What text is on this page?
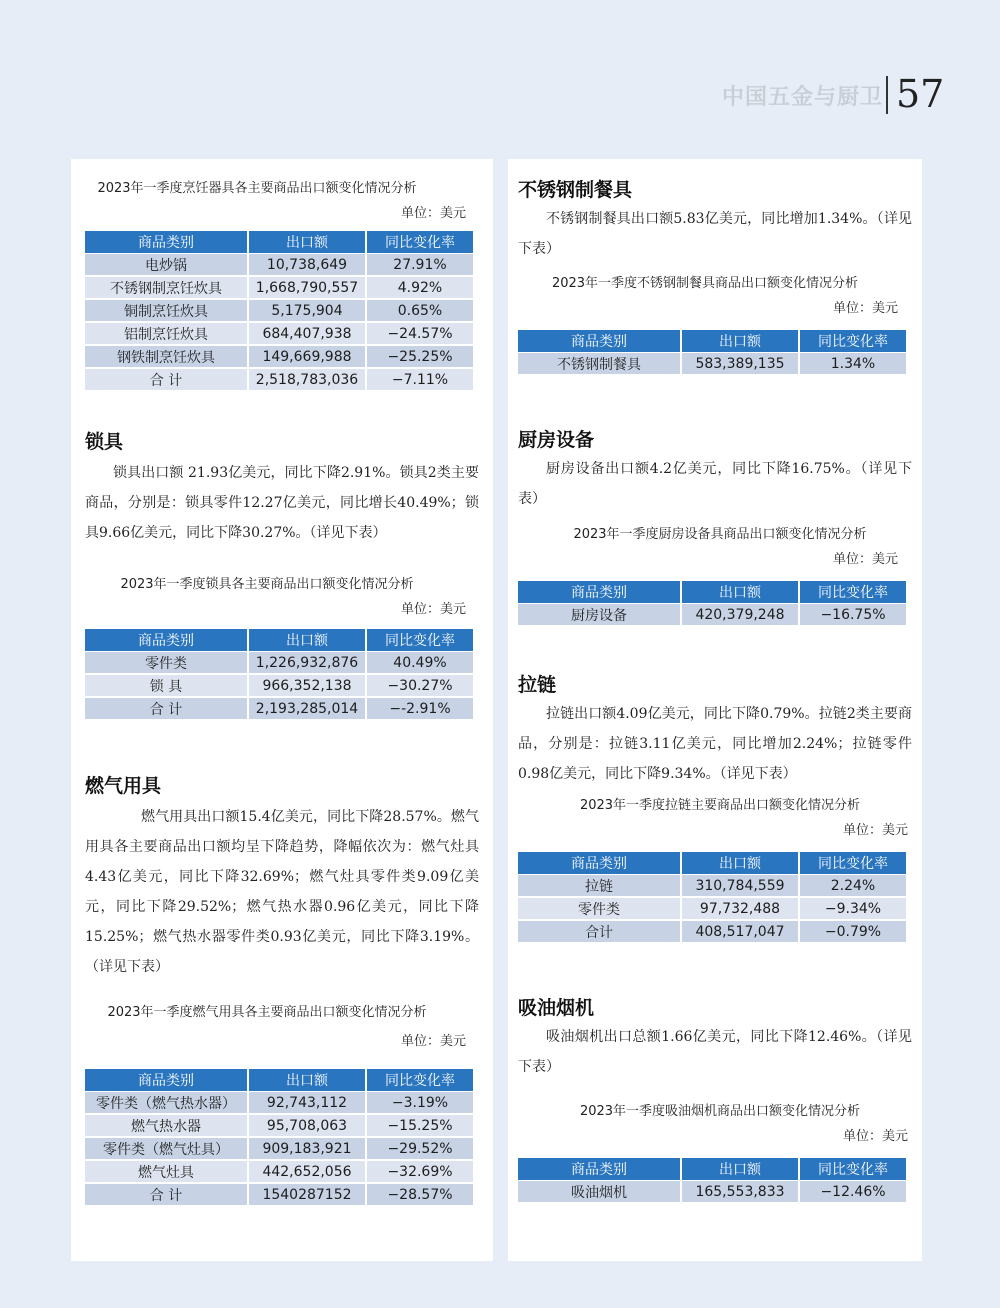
中国五金与厨卫 57

2023年一季度烹饪器具各主要商品出口额变化情况分析

单位：美元

商品类别	出口额	同比变化率
电炒锅	10,738,649	27.91%
不锈钢制烹饪炊具	1,668,790,557	4.92%
铜制烹饪炊具	5,175,904	0.65%
铝制烹饪炊具	684,407,938	−24.57%
钢铁制烹饪炊具	149,669,988	−25.25%
合 计	2,518,783,036	−7.11%
锁具

锁具出口额 21.93亿美元，同比下降2.91%。锁具2类主要商品，分别是：锁具零件12.27亿美元，同比增长40.49%；锁具9.66亿美元，同比下降30.27%。（详见下表）

2023年一季度锁具各主要商品出口额变化情况分析

单位：美元

商品类别	出口额	同比变化率
零件类	1,226,932,876	40.49%
锁 具	966,352,138	−30.27%
合 计	2,193,285,014	−-2.91%
燃气用具

燃气用具出口额15.4亿美元，同比下降28.57%。燃气用具各主要商品出口额均呈下降趋势，降幅依次为：燃气灶具4.43亿美元，同比下降32.69%；燃气灶具零件类9.09亿美元，同比下降29.52%；燃气热水器0.96亿美元，同比下降15.25%；燃气热水器零件类0.93亿美元，同比下降3.19%。（详见下表）

2023年一季度燃气用具各主要商品出口额变化情况分析

单位：美元

商品类别	出口额	同比变化率
零件类（燃气热水器）	92,743,112	−3.19%
燃气热水器	95,708,063	−15.25%
零件类（燃气灶具）	909,183,921	−29.52%
燃气灶具	442,652,056	−32.69%
合 计	1540287152	−28.57%
不锈钢制餐具

不锈钢制餐具出口额5.83亿美元，同比增加1.34%。（详见下表）

2023年一季度不锈钢制餐具商品出口额变化情况分析

单位：美元

商品类别	出口额	同比变化率
不锈钢制餐具	583,389,135	1.34%
厨房设备

厨房设备出口额4.2亿美元，同比下降16.75%。（详见下表）

2023年一季度厨房设备具商品出口额变化情况分析

单位：美元

商品类别	出口额	同比变化率
厨房设备	420,379,248	−16.75%
拉链

拉链出口额4.09亿美元，同比下降0.79%。拉链2类主要商品，分别是：拉链3.11亿美元，同比增加2.24%；拉链零件0.98亿美元，同比下降9.34%。（详见下表）

2023年一季度拉链主要商品出口额变化情况分析

单位：美元

商品类别	出口额	同比变化率
拉链	310,784,559	2.24%
零件类	97,732,488	−9.34%
合计	408,517,047	−0.79%
吸油烟机

吸油烟机出口总额1.66亿美元，同比下降12.46%。（详见下表）

2023年一季度吸油烟机商品出口额变化情况分析

单位：美元

商品类别	出口额	同比变化率
吸油烟机	165,553,833	−12.46%
